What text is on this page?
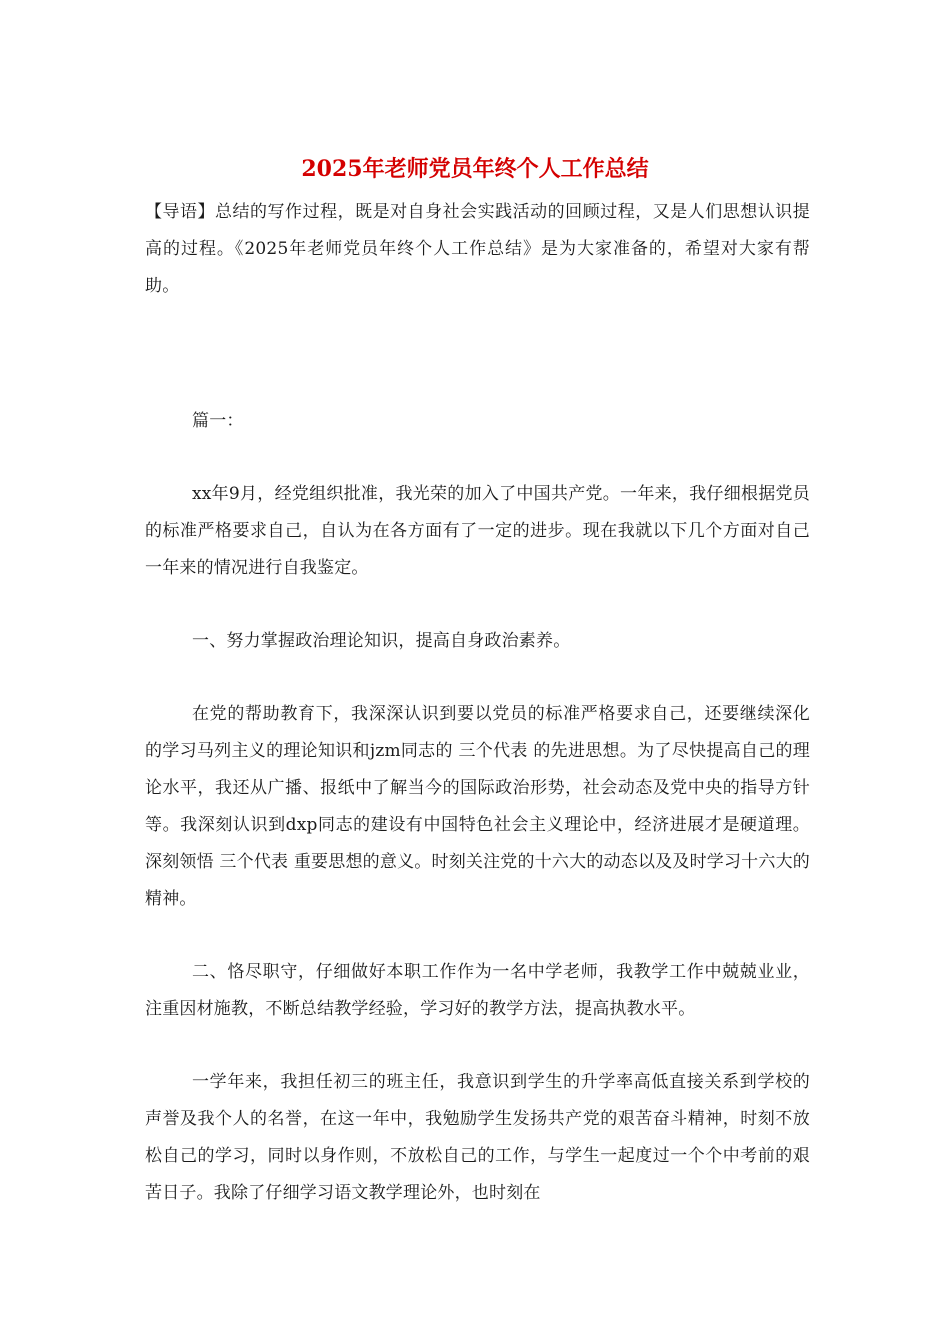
2025年老师党员年终个人工作总结

【导语】总结的写作过程，既是对自身社会实践活动的回顾过程，又是人们思想认识提高的过程。《2025年老师党员年终个人工作总结》是为大家准备的，希望对大家有帮助。

篇一：

xx年9月，经党组织批准，我光荣的加入了中国共产党。一年来，我仔细根据党员的标准严格要求自己，自认为在各方面有了一定的进步。现在我就以下几个方面对自己一年来的情况进行自我鉴定。

一、努力掌握政治理论知识，提高自身政治素养。

在党的帮助教育下，我深深认识到要以党员的标准严格要求自己，还要继续深化的学习马列主义的理论知识和jzm同志的 三个代表 的先进思想。为了尽快提高自己的理论水平，我还从广播、报纸中了解当今的国际政治形势，社会动态及党中央的指导方针等。我深刻认识到dxp同志的建设有中国特色社会主义理论中，经济进展才是硬道理。深刻领悟 三个代表 重要思想的意义。时刻关注党的十六大的动态以及及时学习十六大的精神。

二、恪尽职守，仔细做好本职工作作为一名中学老师，我教学工作中兢兢业业，注重因材施教，不断总结教学经验，学习好的教学方法，提高执教水平。

一学年来，我担任初三的班主任，我意识到学生的升学率高低直接关系到学校的声誉及我个人的名誉，在这一年中，我勉励学生发扬共产党的艰苦奋斗精神，时刻不放松自己的学习，同时以身作则，不放松自己的工作，与学生一起度过一个个中考前的艰苦日子。我除了仔细学习语文教学理论外，也时刻在
